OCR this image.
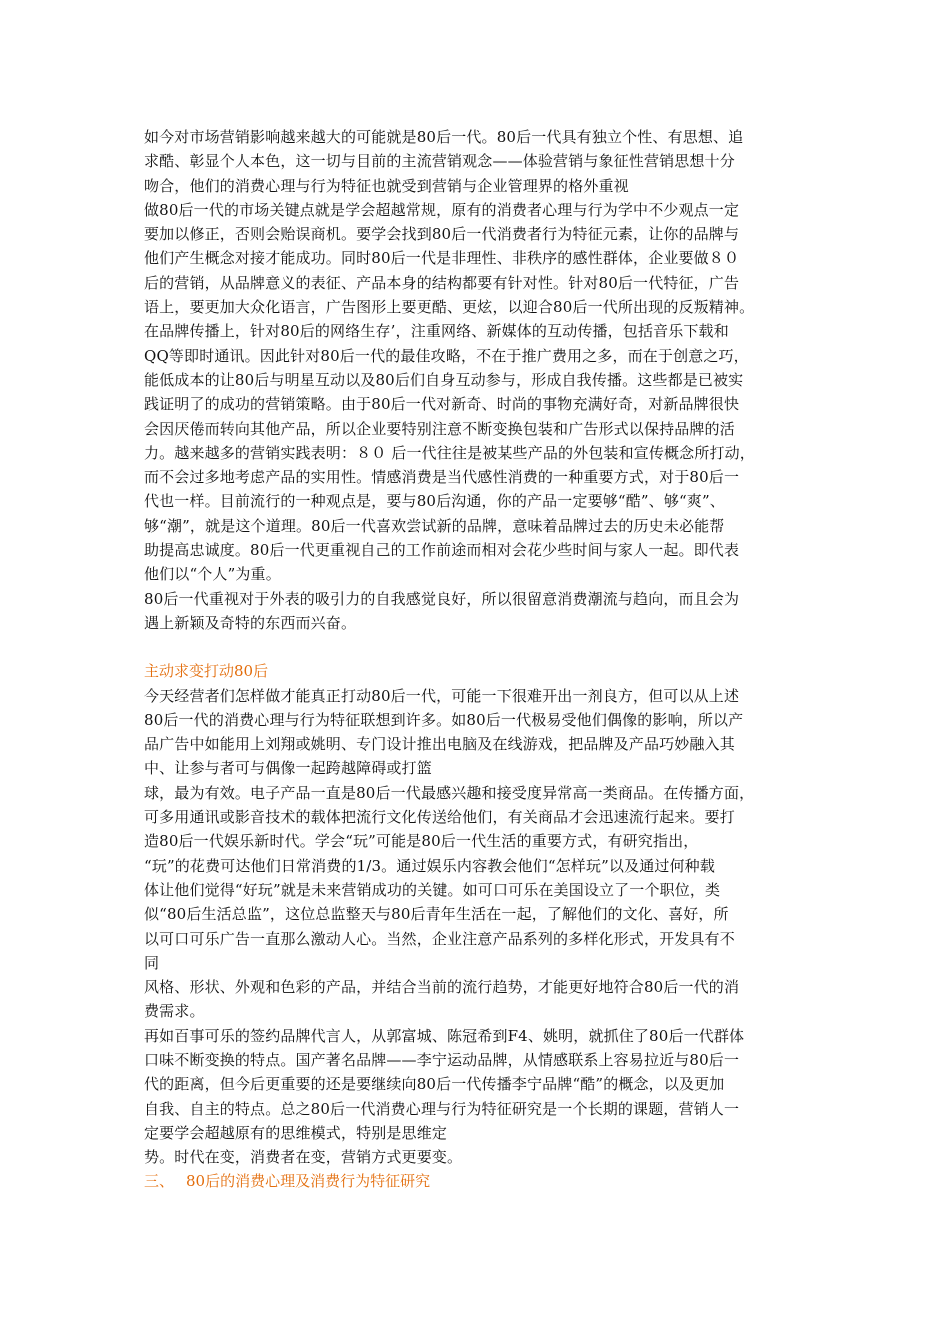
如今对市场营销影响越来越大的可能就是80后一代。80后一代具有独立个性、有思想、追
求酷、彰显个人本色，这一切与目前的主流营销观念——体验营销与象征性营销思想十分
吻合，他们的消费心理与行为特征也就受到营销与企业管理界的格外重视
做80后一代的市场关键点就是学会超越常规，原有的消费者心理与行为学中不少观点一定
要加以修正，否则会贻误商机。要学会找到80后一代消费者行为特征元素，让你的品牌与
他们产生概念对接才能成功。同时80后一代是非理性、非秩序的感性群体，企业要做８０
后的营销，从品牌意义的表征、产品本身的结构都要有针对性。针对80后一代特征，广告
语上，要更加大众化语言，广告图形上要更酷、更炫，以迎合80后一代所出现的反叛精神。
在品牌传播上，针对80后的网络生存’，注重网络、新媒体的互动传播，包括音乐下载和
QQ等即时通讯。因此针对80后一代的最佳攻略，不在于推广费用之多，而在于创意之巧，
能低成本的让80后与明星互动以及80后们自身互动参与，形成自我传播。这些都是已被实
践证明了的成功的营销策略。由于80后一代对新奇、时尚的事物充满好奇，对新品牌很快
会因厌倦而转向其他产品，所以企业要特别注意不断变换包装和广告形式以保持品牌的活
力。越来越多的营销实践表明：８０ 后一代往往是被某些产品的外包装和宣传概念所打动，
而不会过多地考虑产品的实用性。情感消费是当代感性消费的一种重要方式，对于80后一
代也一样。目前流行的一种观点是，要与80后沟通，你的产品一定要够“酷”、够“爽”、
够“潮”，就是这个道理。80后一代喜欢尝试新的品牌，意味着品牌过去的历史未必能帮
助提高忠诚度。80后一代更重视自己的工作前途而相对会花少些时间与家人一起。即代表
他们以“个人”为重。
80后一代重视对于外表的吸引力的自我感觉良好，所以很留意消费潮流与趋向，而且会为
遇上新颖及奇特的东西而兴奋。
主动求变打动80后
今天经营者们怎样做才能真正打动80后一代，可能一下很难开出一剂良方，但可以从上述
80后一代的消费心理与行为特征联想到许多。如80后一代极易受他们偶像的影响，所以产
品广告中如能用上刘翔或姚明、专门设计推出电脑及在线游戏，把品牌及产品巧妙融入其
中、让参与者可与偶像一起跨越障碍或打篮
球，最为有效。电子产品一直是80后一代最感兴趣和接受度异常高一类商品。在传播方面，
可多用通讯或影音技术的载体把流行文化传送给他们，有关商品才会迅速流行起来。要打
造80后一代娱乐新时代。学会“玩”可能是80后一代生活的重要方式，有研究指出，
“玩”的花费可达他们日常消费的1/3。通过娱乐内容教会他们“怎样玩”以及通过何种载
体让他们觉得“好玩”就是未来营销成功的关键。如可口可乐在美国设立了一个职位，类
似“80后生活总监”，这位总监整天与80后青年生活在一起，了解他们的文化、喜好，所
以可口可乐广告一直那么激动人心。当然，企业注意产品系列的多样化形式，开发具有不
同
风格、形状、外观和色彩的产品，并结合当前的流行趋势，才能更好地符合80后一代的消
费需求。
再如百事可乐的签约品牌代言人，从郭富城、陈冠希到F4、姚明，就抓住了80后一代群体
口味不断变换的特点。国产著名品牌——李宁运动品牌，从情感联系上容易拉近与80后一
代的距离，但今后更重要的还是要继续向80后一代传播李宁品牌“酷”的概念，以及更加
自我、自主的特点。总之80后一代消费心理与行为特征研究是一个长期的课题，营销人一
定要学会超越原有的思维模式，特别是思维定
势。时代在变，消费者在变，营销方式更要变。
三、 80后的消费心理及消费行为特征研究
